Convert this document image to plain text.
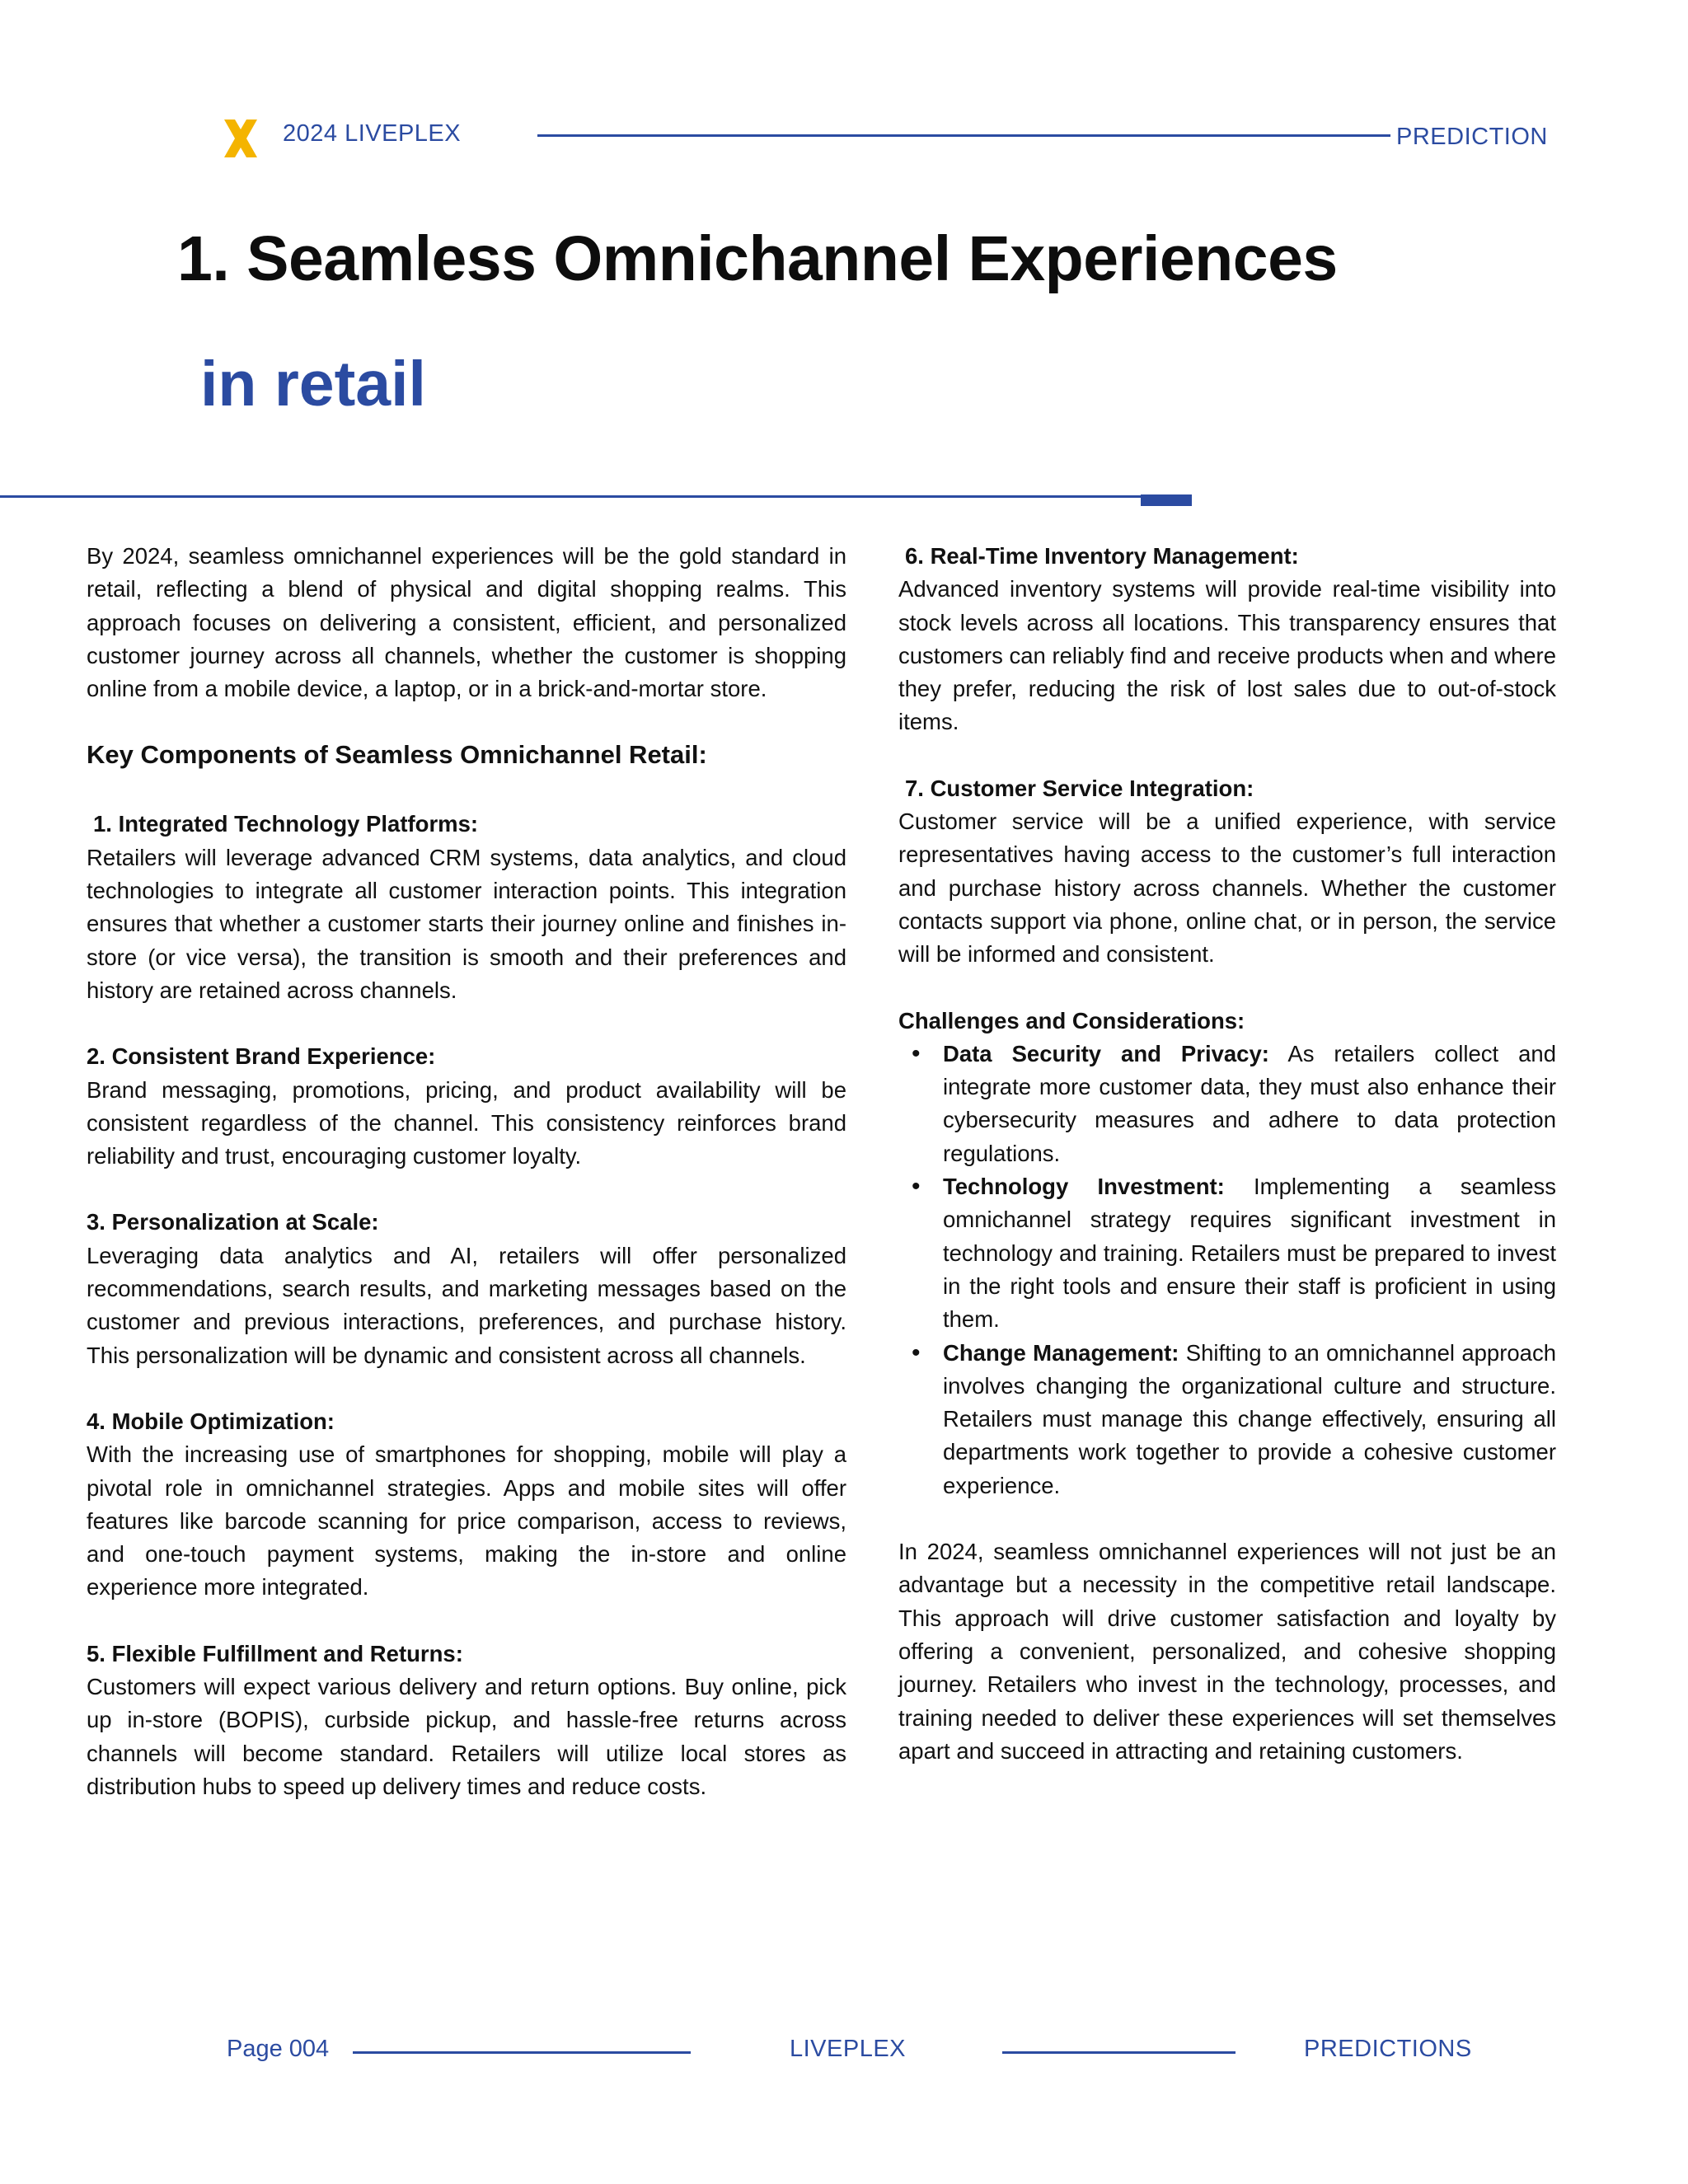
2024 LIVEPLEX	PREDICTION
1. Seamless Omnichannel Experiences
in retail

By 2024, seamless omnichannel experiences will be the gold standard in retail, reflecting a blend of physical and digital shopping realms. This approach focuses on delivering a consistent, efficient, and personalized customer journey across all channels, whether the customer is shopping online from a mobile device, a laptop, or in a brick-and-mortar store.

Key Components of Seamless Omnichannel Retail:

1. Integrated Technology Platforms:

Retailers will leverage advanced CRM systems, data analytics, and cloud technologies to integrate all customer interaction points. This integration ensures that whether a customer starts their journey online and finishes in-store (or vice versa), the transition is smooth and their preferences and history are retained across channels.

2. Consistent Brand Experience:

Brand messaging, promotions, pricing, and product availability will be consistent regardless of the channel. This consistency reinforces brand reliability and trust, encouraging customer loyalty.

3. Personalization at Scale:

Leveraging data analytics and AI, retailers will offer personalized recommendations, search results, and marketing messages based on the customer and previous interactions, preferences, and purchase history. This personalization will be dynamic and consistent across all channels.

4. Mobile Optimization:

With the increasing use of smartphones for shopping, mobile will play a pivotal role in omnichannel strategies. Apps and mobile sites will offer features like barcode scanning for price comparison, access to reviews, and one-touch payment systems, making the in-store and online experience more integrated.

5. Flexible Fulfillment and Returns:

Customers will expect various delivery and return options. Buy online, pick up in-store (BOPIS), curbside pickup, and hassle-free returns across channels will become standard. Retailers will utilize local stores as distribution hubs to speed up delivery times and reduce costs.

6. Real-Time Inventory Management:

Advanced inventory systems will provide real-time visibility into stock levels across all locations. This transparency ensures that customers can reliably find and receive products when and where they prefer, reducing the risk of lost sales due to out-of-stock items.

7. Customer Service Integration:

Customer service will be a unified experience, with service representatives having access to the customer’s full interaction and purchase history across channels. Whether the customer contacts support via phone, online chat, or in person, the service will be informed and consistent.

Challenges and Considerations:

• Data Security and Privacy: As retailers collect and integrate more customer data, they must also enhance their cybersecurity measures and adhere to data protection regulations.
• Technology Investment: Implementing a seamless omnichannel strategy requires significant investment in technology and training. Retailers must be prepared to invest in the right tools and ensure their staff is proficient in using them.
• Change Management: Shifting to an omnichannel approach involves changing the organizational culture and structure. Retailers must manage this change effectively, ensuring all departments work together to provide a cohesive customer experience.

In 2024, seamless omnichannel experiences will not just be an advantage but a necessity in the competitive retail landscape. This approach will drive customer satisfaction and loyalty by offering a convenient, personalized, and cohesive shopping journey. Retailers who invest in the technology, processes, and training needed to deliver these experiences will set themselves apart and succeed in attracting and retaining customers.

Page 004	LIVEPLEX	PREDICTIONS
